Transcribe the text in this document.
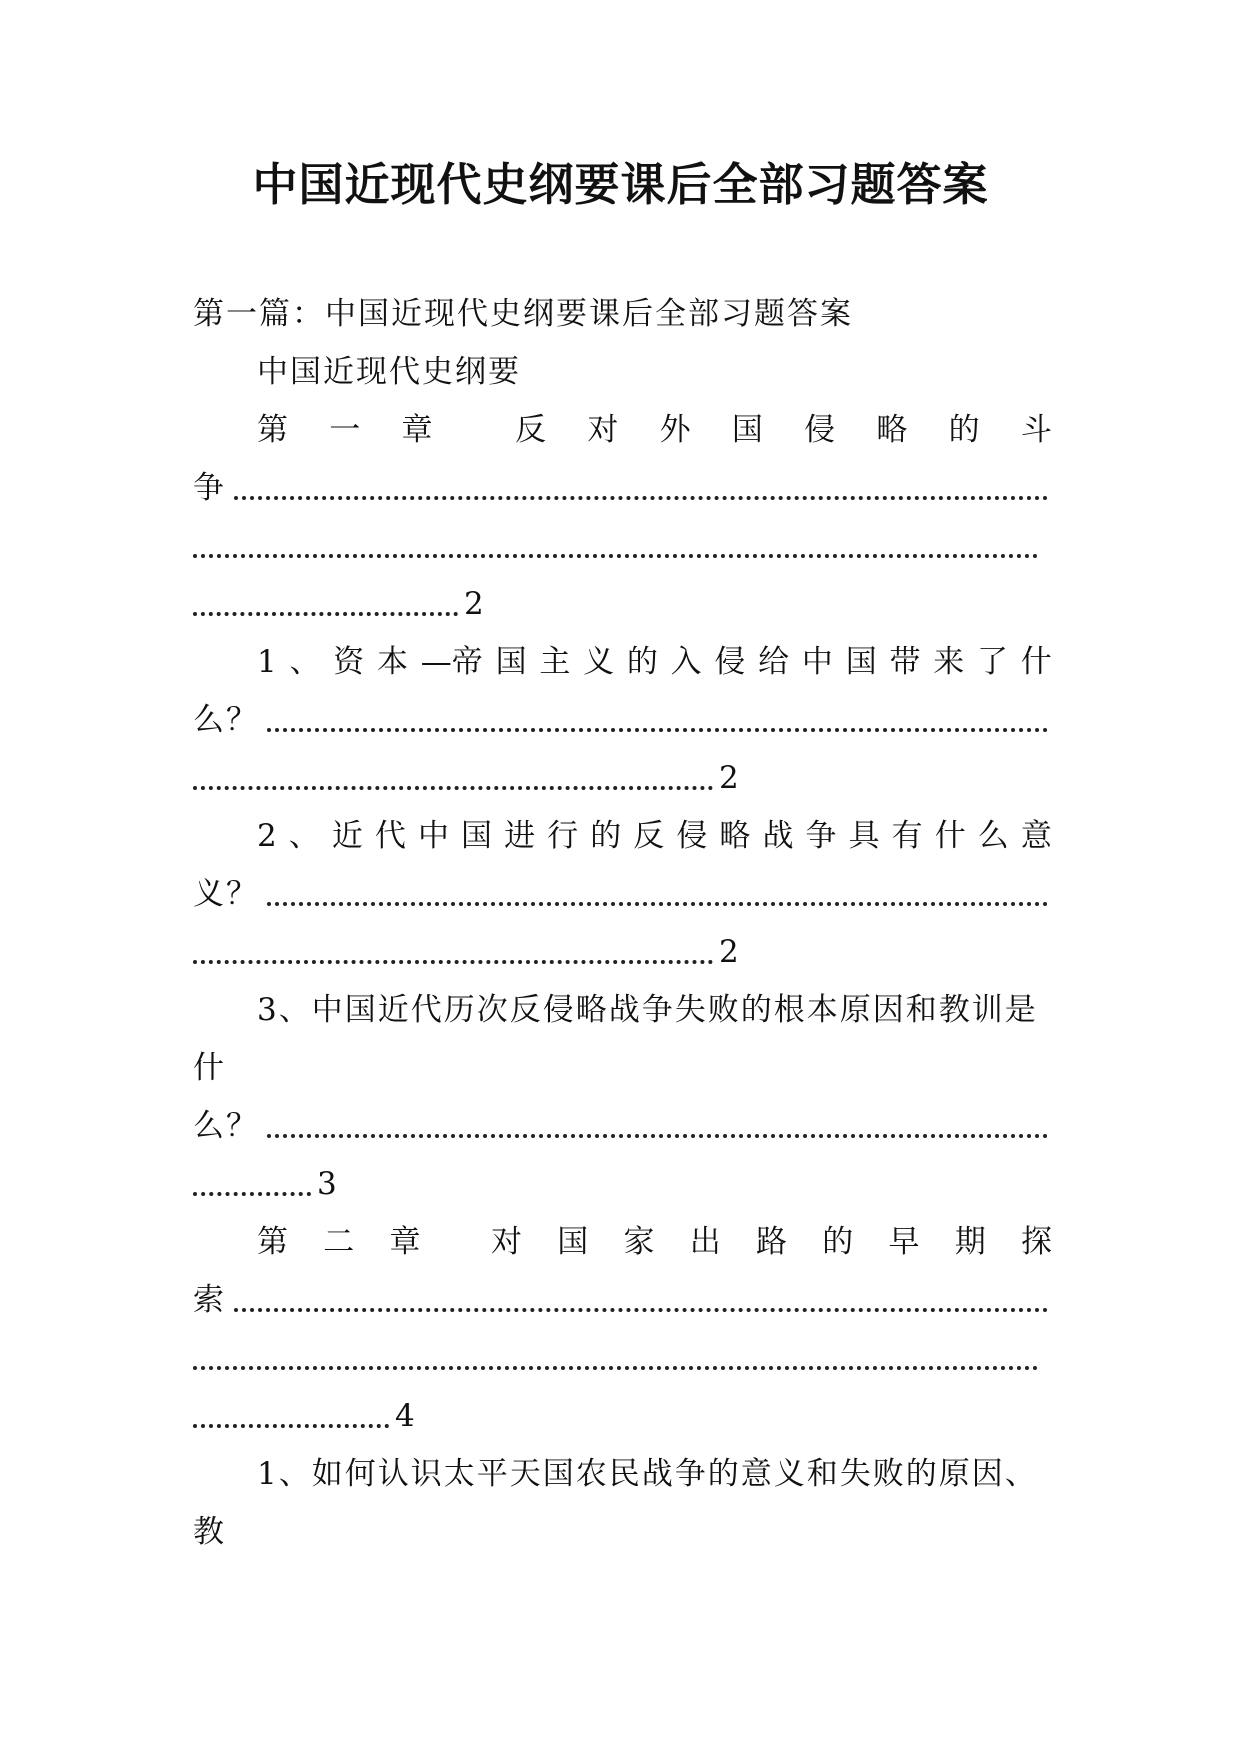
中国近现代史纲要课后全部习题答案
第一篇：中国近现代史纲要课后全部习题答案
中国近现代史纲要
第 一 章	反 对 外 国 侵 略 的 斗
争
2
1 、 资 本 —帝 国 主 义 的 入 侵 给 中 国 带 来 了 什
么？
2
2 、 近 代 中 国 进 行 的 反 侵 略 战 争 具 有 什 么 意
义？
2
3、中国近代历次反侵略战争失败的根本原因和教训是
什
么？
3
第 二 章 对 国 家 出 路 的 早 期 探
索
4
1、如何认识太平天国农民战争的意义和失败的原因、
教
